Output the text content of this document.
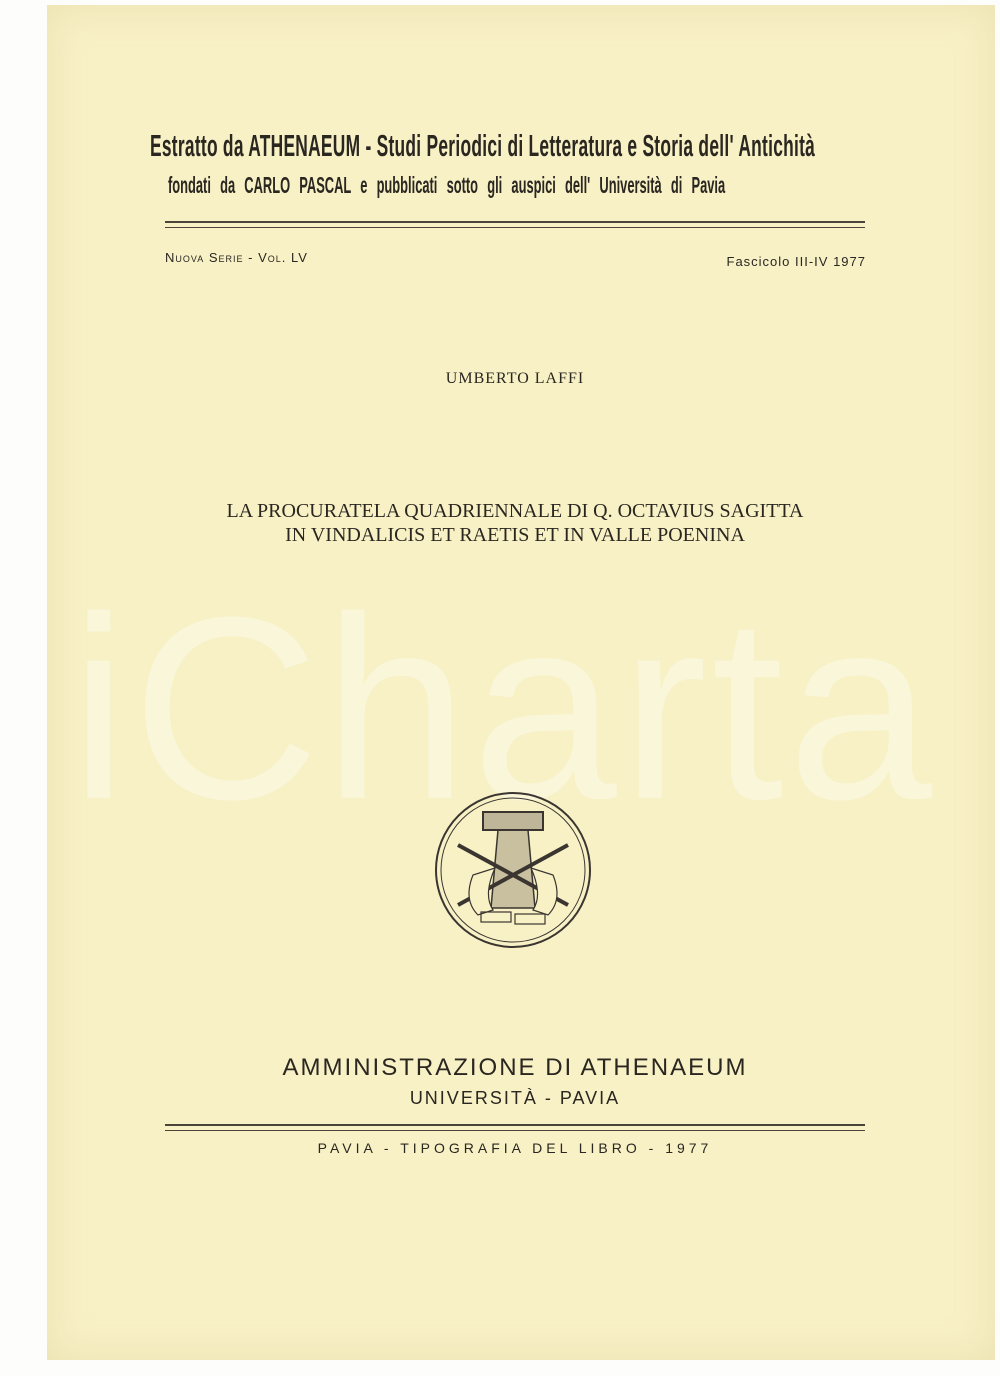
iCharta
Estratto da ATHENAEUM - Studi Periodici di Letteratura e Storia dell' Antichità
fondati da CARLO PASCAL e pubblicati sotto gli auspici dell' Università di Pavia
Nuova Serie - Vol. LV	Fascicolo III-IV 1977
UMBERTO LAFFI
LA PROCURATELA QUADRIENNALE DI Q. OCTAVIUS SAGITTA
IN VINDALICIS ET RAETIS ET IN VALLE POENINA
AMMINISTRAZIONE DI ATHENAEUM
UNIVERSITÀ - PAVIA
PAVIA - TIPOGRAFIA DEL LIBRO - 1977
